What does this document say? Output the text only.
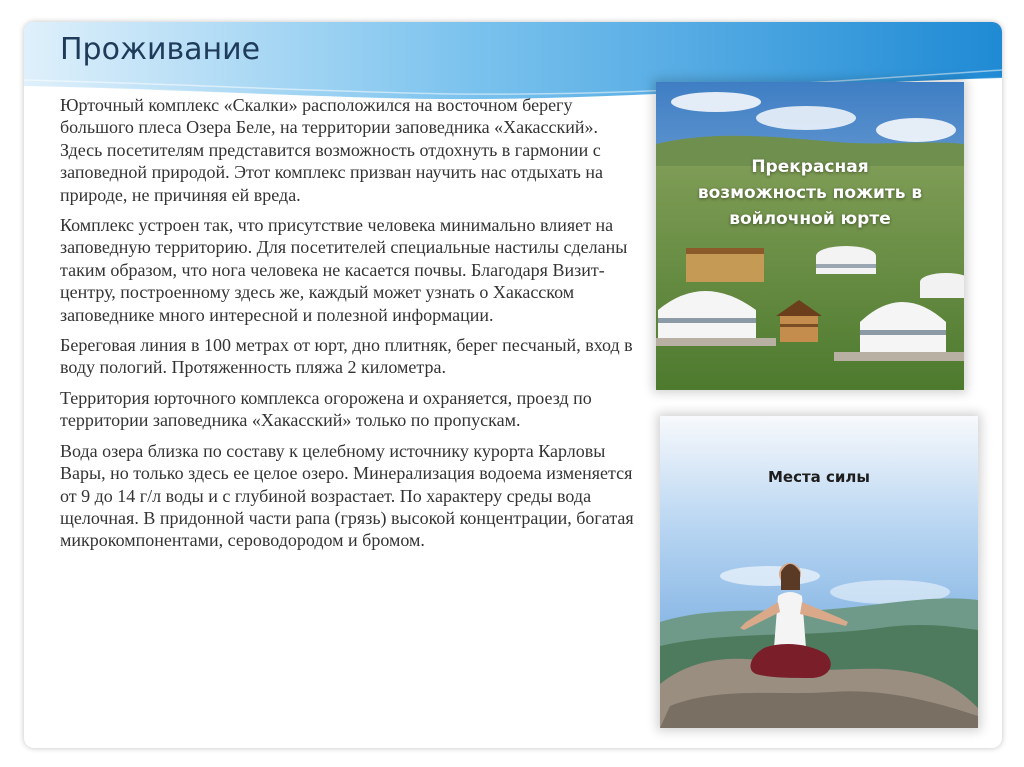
Проживание

Юрточный комплекс «Скалки» расположился на восточном берегу большого плеса Озера Беле, на территории заповедника «Хакасский». Здесь посетителям представится возможность отдохнуть в гармонии с заповедной природой. Этот комплекс призван научить нас отдыхать на природе, не причиняя ей вреда.

Комплекс устроен так, что присутствие человека минимально влияет на заповедную территорию. Для посетителей специальные настилы сделаны таким образом, что нога человека не касается почвы. Благодаря Визит-центру, построенному здесь же, каждый может узнать о Хакасском заповеднике много интересной и полезной информации.

Береговая линия в 100 метрах от юрт, дно плитняк, берег песчаный, вход в воду пологий. Протяженность пляжа 2 километра.

Территория юрточного комплекса огорожена и охраняется, проезд по территории заповедника «Хакасский» только по пропускам.

Вода озера близка по составу к целебному источнику курорта Карловы Вары, но только здесь ее целое озеро. Минерализация водоема изменяется от 9 до 14 г/л воды и с глубиной возрастает. По характеру среды вода щелочная. В придонной части рапа (грязь) высокой концентрации, богатая микрокомпонентами, сероводородом и бромом.

Прекрасная
возможность пожить в
войлочной юрте
Места силы
